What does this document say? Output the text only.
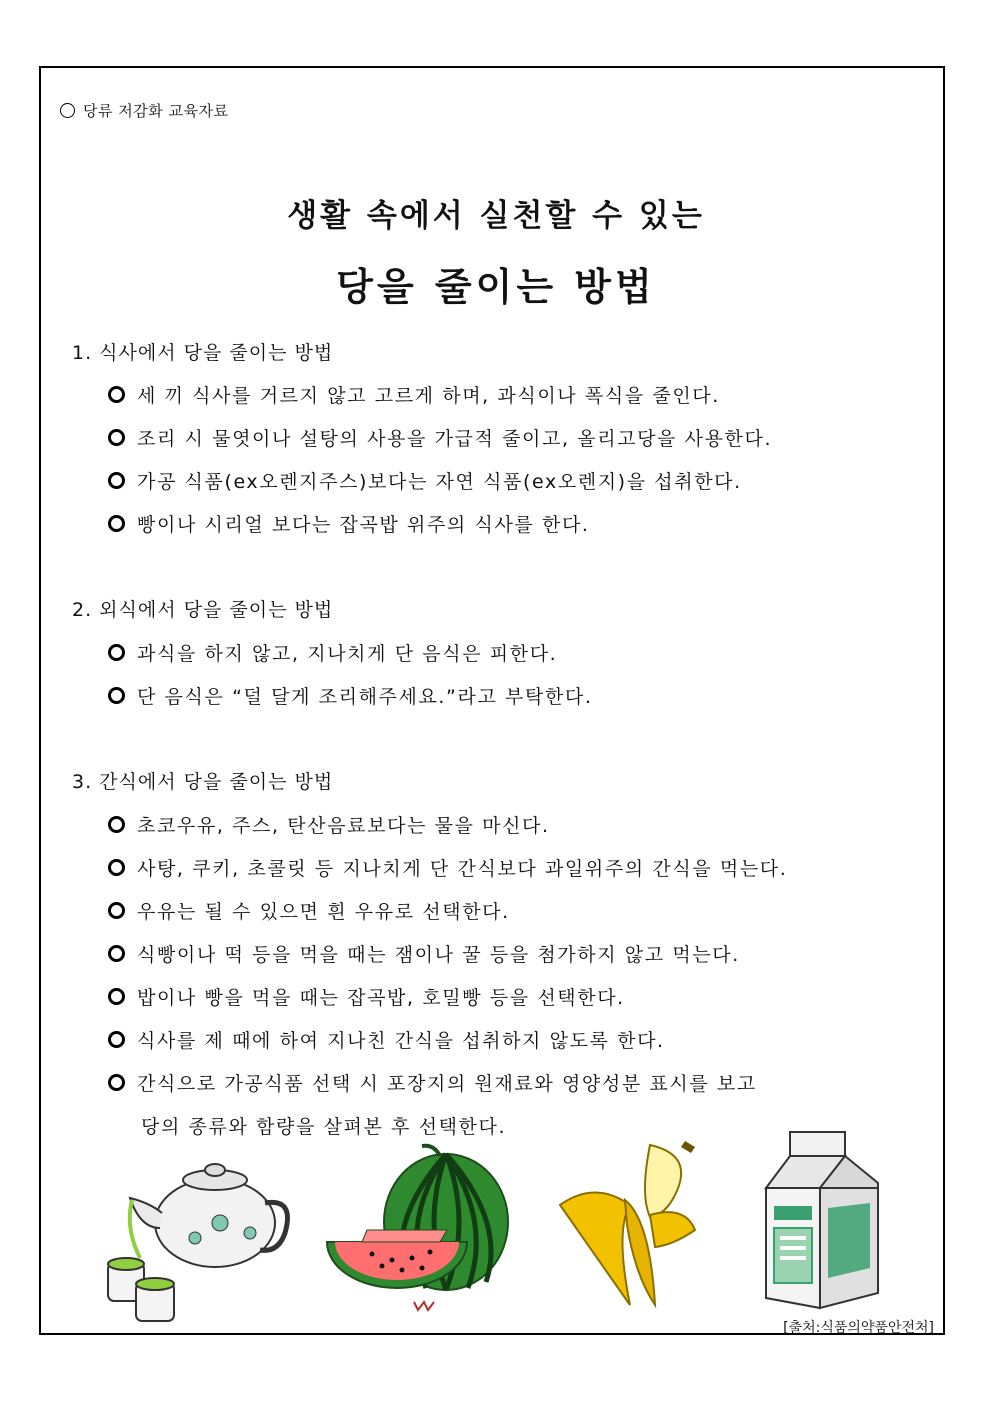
당류 저감화 교육자료
생활 속에서 실천할 수 있는
당을 줄이는 방법
1. 식사에서 당을 줄이는 방법
세 끼 식사를 거르지 않고 고르게 하며, 과식이나 폭식을 줄인다.
조리 시 물엿이나 설탕의 사용을 가급적 줄이고, 올리고당을 사용한다.
가공 식품(ex오렌지주스)보다는 자연 식품(ex오렌지)을 섭취한다.
빵이나 시리얼 보다는 잡곡밥 위주의 식사를 한다.
2. 외식에서 당을 줄이는 방법
과식을 하지 않고, 지나치게 단 음식은 피한다.
단 음식은 “덜 달게 조리해주세요.”라고 부탁한다.
3. 간식에서 당을 줄이는 방법
초코우유, 주스, 탄산음료보다는 물을 마신다.
사탕, 쿠키, 초콜릿 등 지나치게 단 간식보다 과일위주의 간식을 먹는다.
우유는 될 수 있으면 흰 우유로 선택한다.
식빵이나 떡 등을 먹을 때는 잼이나 꿀 등을 첨가하지 않고 먹는다.
밥이나 빵을 먹을 때는 잡곡밥, 호밀빵 등을 선택한다.
식사를 제 때에 하여 지나친 간식을 섭취하지 않도록 한다.
간식으로 가공식품 선택 시 포장지의 원재료와 영양성분 표시를 보고
당의 종류와 함량을 살펴본 후 선택한다.
[출처:식품의약품안전처]
